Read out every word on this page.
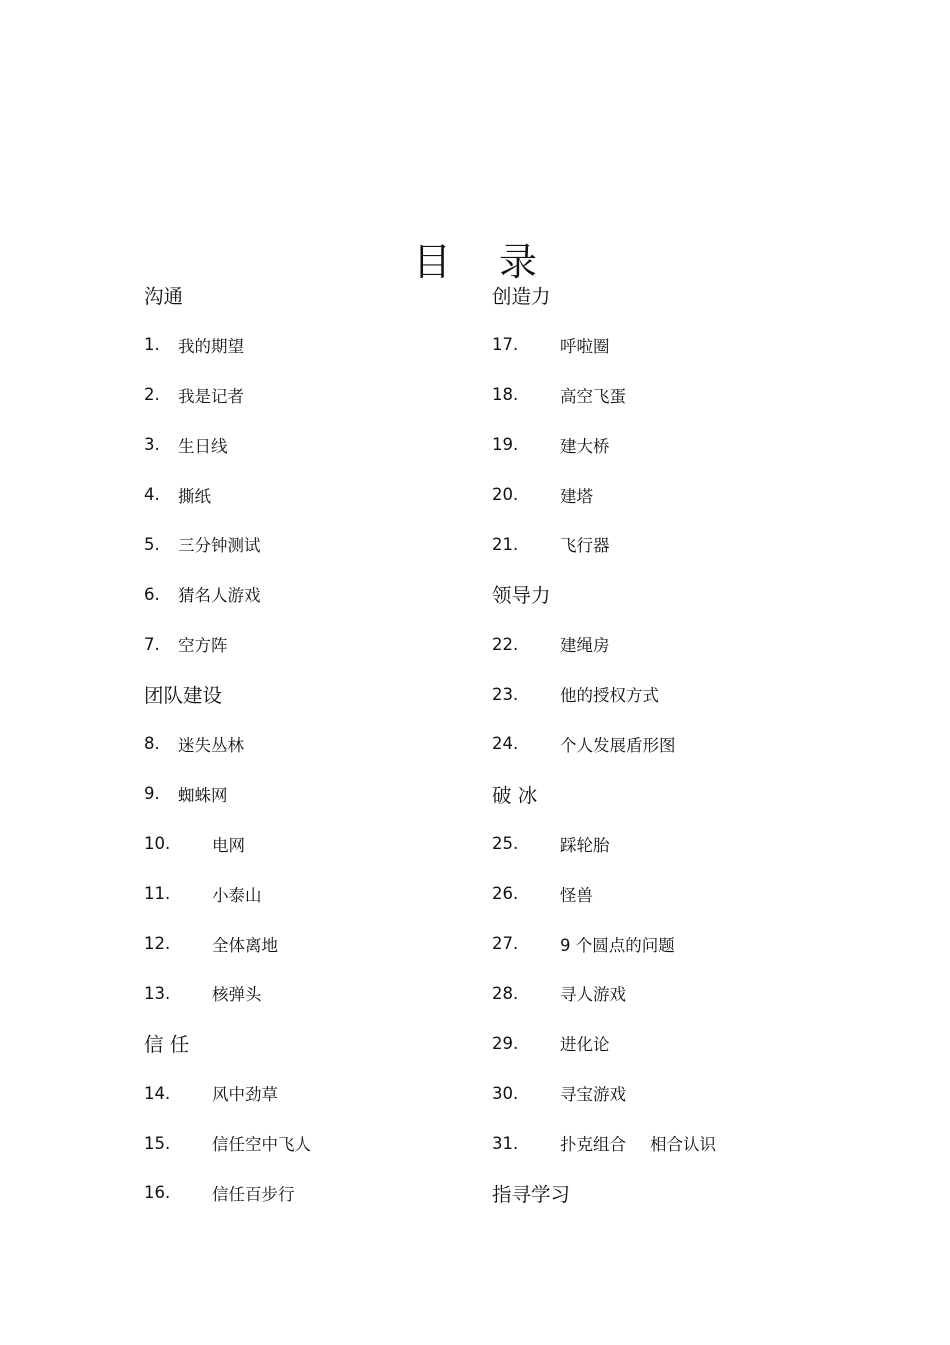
目 录
沟通
1.	我的期望
2.	我是记者
3.	生日线
4.	撕纸
5.	三分钟测试
6.	猜名人游戏
7.	空方阵
团队建设
8.	迷失丛林
9.	蜘蛛网
10.	电网
11.	小泰山
12.	全体离地
13.	核弹头
信 任
14.	风中劲草
15.	信任空中飞人
16.	信任百步行
创造力
17.	呼啦圈
18.	高空飞蛋
19.	建大桥
20.	建塔
21.	飞行器
领导力
22.	建绳房
23.	他的授权方式
24.	个人发展盾形图
破 冰
25.	踩轮胎
26.	怪兽
27.	9 个圆点的问题
28.	寻人游戏
29.	进化论
30.	寻宝游戏
31.	扑克组合 相合认识
指寻学习
